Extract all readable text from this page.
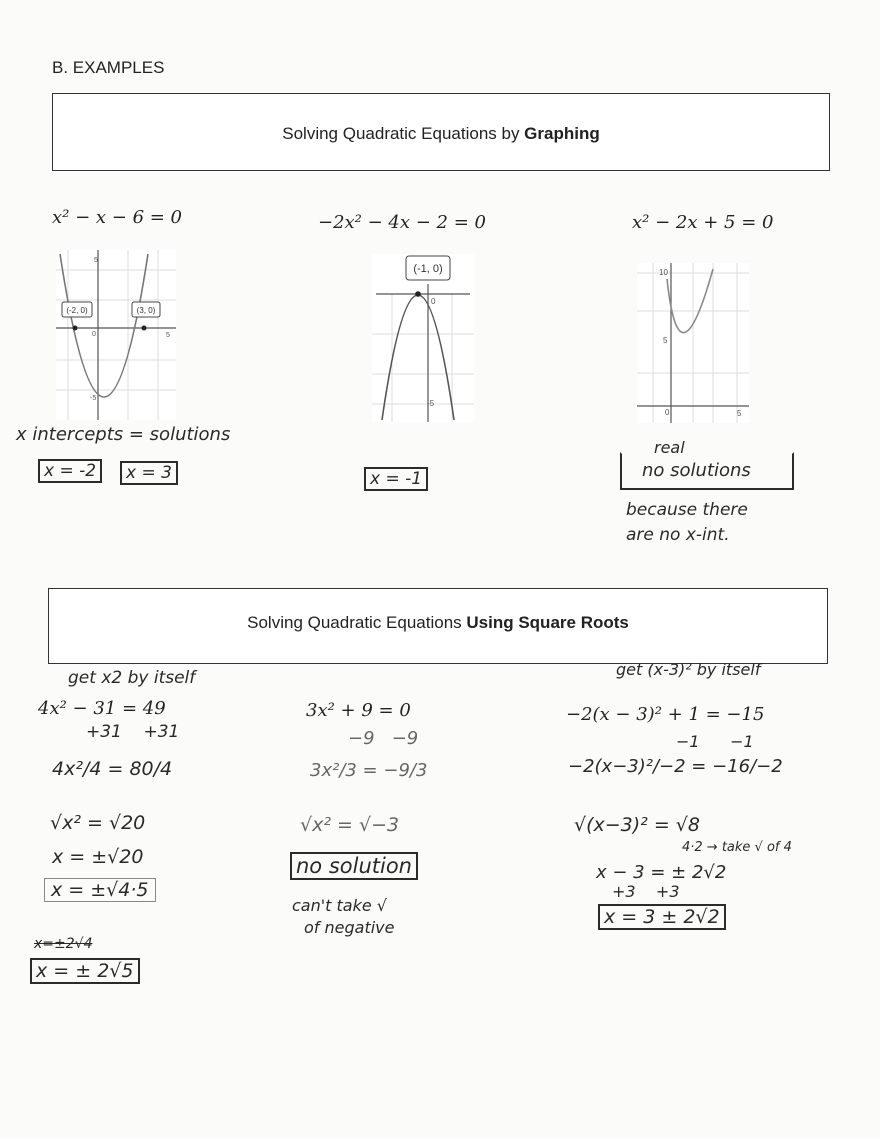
B. EXAMPLES
Solving Quadratic Equations by Graphing
x² − x − 6 = 0
(-2, 0)	(3, 0)
5
0	5
-5
x intercepts = solutions
x = -2	x = 3
−2x² − 4x − 2 = 0
(-1, 0)
0
-5
x = -1
x² − 2x + 5 = 0
10
5
0	5
real
no solutions
because there
are no x-int.
Solving Quadratic Equations Using Square Roots
get x2 by itself
4x² − 31 = 49
+31    +31
4x²/4 = 80/4
√x² = √20
x = ±√20
x = ±√4·5
x=±2√4
x = ± 2√5
3x² + 9 = 0
−9   −9
3x²/3 = −9/3
√x² = √−3
no solution
can't take √
of negative
get (x-3)² by itself
−2(x − 3)² + 1 = −15
−1      −1
−2(x−3)²/−2 = −16/−2
√(x−3)² = √8
4·2 → take √ of 4
x − 3 = ± 2√2
+3    +3
x = 3 ± 2√2
